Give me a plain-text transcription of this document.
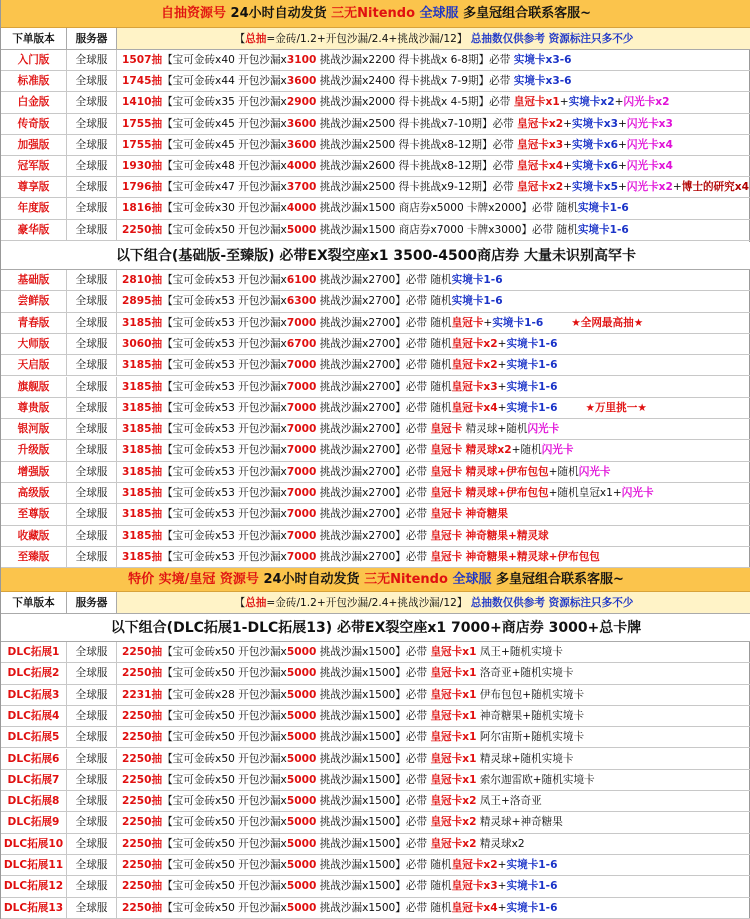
自抽资源号 24小时自动发货 三无Nitendo 全球服 多皇冠组合联系客服~
下单版本	服务器	【总抽=金砖/1.2+开包沙漏/2.4+挑战沙漏/12】 总抽数仅供参考 资源标注只多不少
入门版	全球服	1507抽【宝可金砖x40 开包沙漏x3100 挑战沙漏x2200 得卡挑战x 6-8期】必带 实境卡x3-6
标准版	全球服	1745抽【宝可金砖x44 开包沙漏x3600 挑战沙漏x2400 得卡挑战x 7-9期】必带 实境卡x3-6
白金版	全球服	1410抽【宝可金砖x35 开包沙漏x2900 挑战沙漏x2000 得卡挑战x 4-5期】必带 皇冠卡x1+实境卡x2+闪光卡x2
传奇版	全球服	1755抽【宝可金砖x45 开包沙漏x3600 挑战沙漏x2500 得卡挑战x7-10期】必带 皇冠卡x2+实境卡x3+闪光卡x3
加强版	全球服	1755抽【宝可金砖x45 开包沙漏x3600 挑战沙漏x2500 得卡挑战x8-12期】必带 皇冠卡x3+实境卡x6+闪光卡x4
冠军版	全球服	1930抽【宝可金砖x48 开包沙漏x4000 挑战沙漏x2600 得卡挑战x8-12期】必带 皇冠卡x4+实境卡x6+闪光卡x4
尊享版	全球服	1796抽【宝可金砖x47 开包沙漏x3700 挑战沙漏x2500 得卡挑战x9-12期】必带 皇冠卡x2+实境卡x5+闪光卡x2+博士的研究x4
年度版	全球服	1816抽【宝可金砖x30 开包沙漏x4000 挑战沙漏x1500 商店券x5000 卡牌x2000】必带 随机实境卡1-6
豪华版	全球服	2250抽【宝可金砖x50 开包沙漏x5000 挑战沙漏x1500 商店券x7000 卡牌x3000】必带 随机实境卡1-6
以下组合(基础版-至臻版) 必带EX裂空座x1 3500-4500商店券 大量未识别高罕卡
基础版	全球服	2810抽【宝可金砖x53 开包沙漏x6100 挑战沙漏x2700】必带 随机实境卡1-6
尝鲜版	全球服	2895抽【宝可金砖x53 开包沙漏x6300 挑战沙漏x2700】必带 随机实境卡1-6
青春版	全球服	3185抽【宝可金砖x53 开包沙漏x7000 挑战沙漏x2700】必带 随机皇冠卡+实境卡1-6	★全网最高抽★
大师版	全球服	3060抽【宝可金砖x53 开包沙漏x6700 挑战沙漏x2700】必带 随机皇冠卡x2+实境卡1-6
天启版	全球服	3185抽【宝可金砖x53 开包沙漏x7000 挑战沙漏x2700】必带 随机皇冠卡x2+实境卡1-6
旗舰版	全球服	3185抽【宝可金砖x53 开包沙漏x7000 挑战沙漏x2700】必带 随机皇冠卡x3+实境卡1-6
尊贵版	全球服	3185抽【宝可金砖x53 开包沙漏x7000 挑战沙漏x2700】必带 随机皇冠卡x4+实境卡1-6	★万里挑一★
银河版	全球服	3185抽【宝可金砖x53 开包沙漏x7000 挑战沙漏x2700】必带 皇冠卡 精灵球+随机闪光卡
升级版	全球服	3185抽【宝可金砖x53 开包沙漏x7000 挑战沙漏x2700】必带 皇冠卡 精灵球x2+随机闪光卡
增强版	全球服	3185抽【宝可金砖x53 开包沙漏x7000 挑战沙漏x2700】必带 皇冠卡 精灵球+伊布包包+随机闪光卡
高级版	全球服	3185抽【宝可金砖x53 开包沙漏x7000 挑战沙漏x2700】必带 皇冠卡 精灵球+伊布包包+随机皇冠x1+闪光卡
至尊版	全球服	3185抽【宝可金砖x53 开包沙漏x7000 挑战沙漏x2700】必带 皇冠卡 神奇糖果
收藏版	全球服	3185抽【宝可金砖x53 开包沙漏x7000 挑战沙漏x2700】必带 皇冠卡 神奇糖果+精灵球
至臻版	全球服	3185抽【宝可金砖x53 开包沙漏x7000 挑战沙漏x2700】必带 皇冠卡 神奇糖果+精灵球+伊布包包
特价 实境/皇冠 资源号 24小时自动发货 三无Nitendo 全球服 多皇冠组合联系客服~
下单版本	服务器	【总抽=金砖/1.2+开包沙漏/2.4+挑战沙漏/12】 总抽数仅供参考 资源标注只多不少
以下组合(DLC拓展1-DLC拓展13) 必带EX裂空座x1 7000+商店券 3000+总卡牌
DLC拓展1	全球服	2250抽【宝可金砖x50 开包沙漏x5000 挑战沙漏x1500】必带 皇冠卡x1 凤王+随机实境卡
DLC拓展2	全球服	2250抽【宝可金砖x50 开包沙漏x5000 挑战沙漏x1500】必带 皇冠卡x1 洛奇亚+随机实境卡
DLC拓展3	全球服	2231抽【宝可金砖x28 开包沙漏x5000 挑战沙漏x1500】必带 皇冠卡x1 伊布包包+随机实境卡
DLC拓展4	全球服	2250抽【宝可金砖x50 开包沙漏x5000 挑战沙漏x1500】必带 皇冠卡x1 神奇糖果+随机实境卡
DLC拓展5	全球服	2250抽【宝可金砖x50 开包沙漏x5000 挑战沙漏x1500】必带 皇冠卡x1 阿尔宙斯+随机实境卡
DLC拓展6	全球服	2250抽【宝可金砖x50 开包沙漏x5000 挑战沙漏x1500】必带 皇冠卡x1 精灵球+随机实境卡
DLC拓展7	全球服	2250抽【宝可金砖x50 开包沙漏x5000 挑战沙漏x1500】必带 皇冠卡x1 索尔迦雷欧+随机实境卡
DLC拓展8	全球服	2250抽【宝可金砖x50 开包沙漏x5000 挑战沙漏x1500】必带 皇冠卡x2 凤王+洛奇亚
DLC拓展9	全球服	2250抽【宝可金砖x50 开包沙漏x5000 挑战沙漏x1500】必带 皇冠卡x2 精灵球+神奇糖果
DLC拓展10	全球服	2250抽【宝可金砖x50 开包沙漏x5000 挑战沙漏x1500】必带 皇冠卡x2 精灵球x2
DLC拓展11	全球服	2250抽【宝可金砖x50 开包沙漏x5000 挑战沙漏x1500】必带 随机皇冠卡x2+实境卡1-6
DLC拓展12	全球服	2250抽【宝可金砖x50 开包沙漏x5000 挑战沙漏x1500】必带 随机皇冠卡x3+实境卡1-6
DLC拓展13	全球服	2250抽【宝可金砖x50 开包沙漏x5000 挑战沙漏x1500】必带 随机皇冠卡x4+实境卡1-6
